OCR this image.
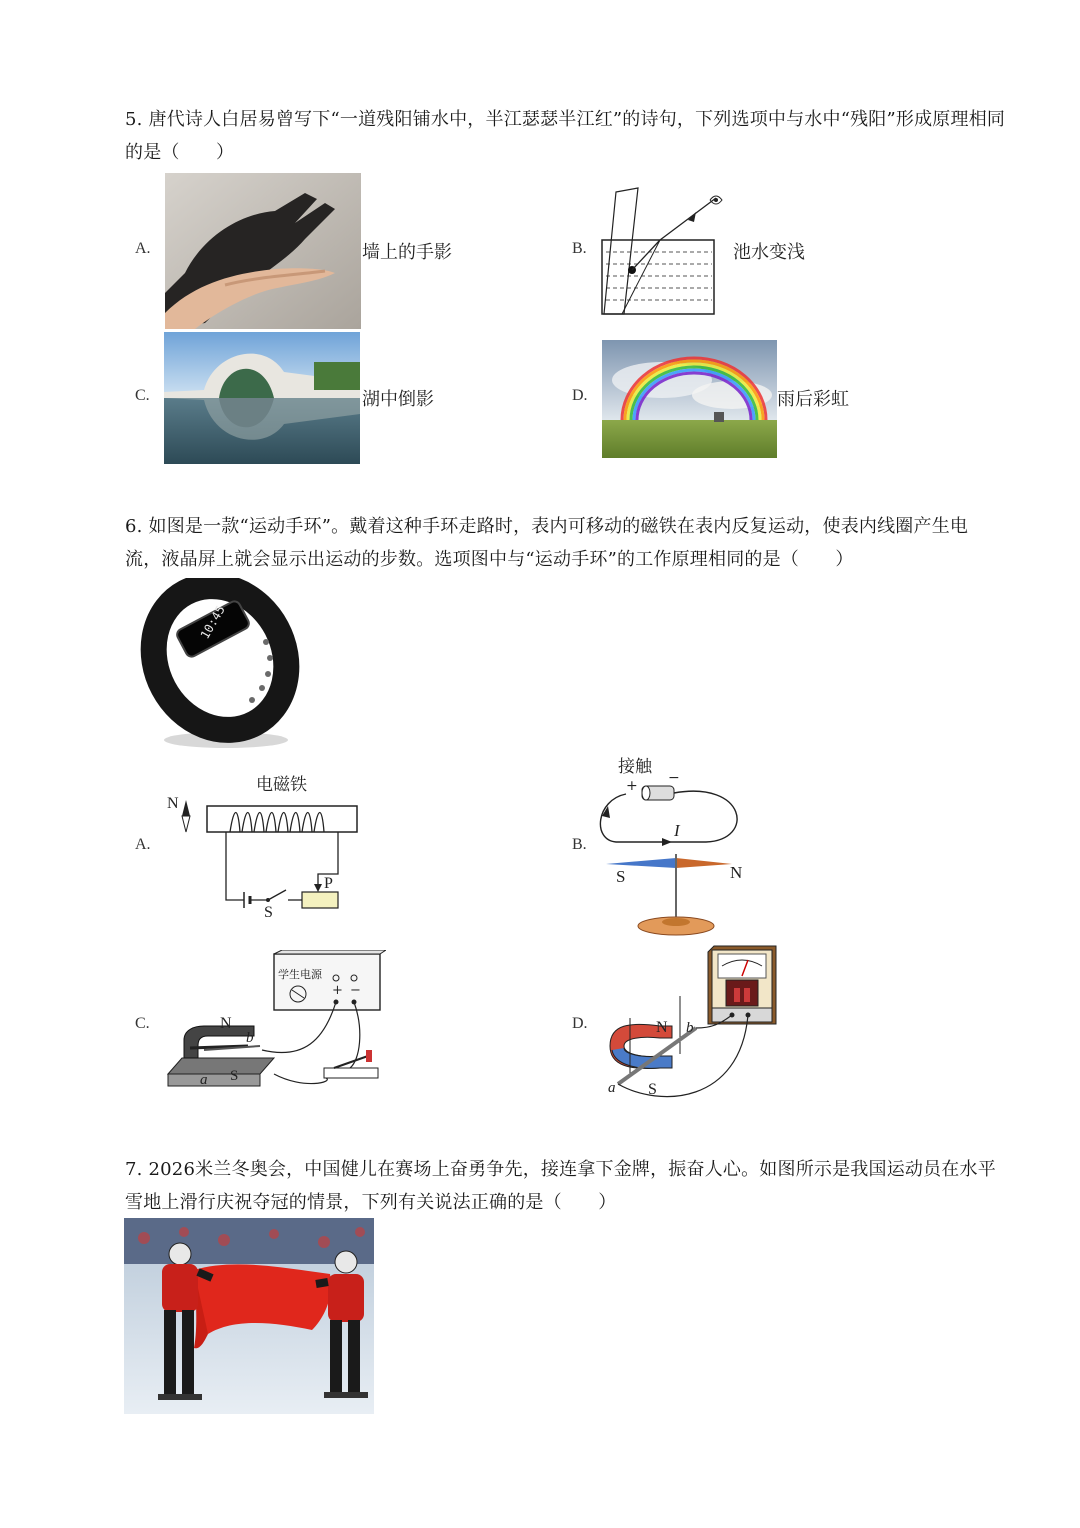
5. 唐代诗人白居易曾写下“一道残阳铺水中，半江瑟瑟半江红”的诗句，下列选项中与水中“残阳”形成原理相同
的是（　　）
A.	墙上的手影	B.	池水变浅
C.	湖中倒影	D.	雨后彩虹
6. 如图是一款“运动手环”。戴着这种手环走路时，表内可移动的磁铁在表内反复运动，使表内线圈产生电
流，液晶屏上就会显示出运动的步数。选项图中与“运动手环”的工作原理相同的是（　　）
10:45
A.
电磁铁
N
S
P
B.
接触
+ −
I
S	N
C.
学生电源
+ −
N
b
a S
D.	N b
a S
7. 2026米兰冬奥会，中国健儿在赛场上奋勇争先，接连拿下金牌，振奋人心。如图所示是我国运动员在水平
雪地上滑行庆祝夺冠的情景，下列有关说法正确的是（　　）
